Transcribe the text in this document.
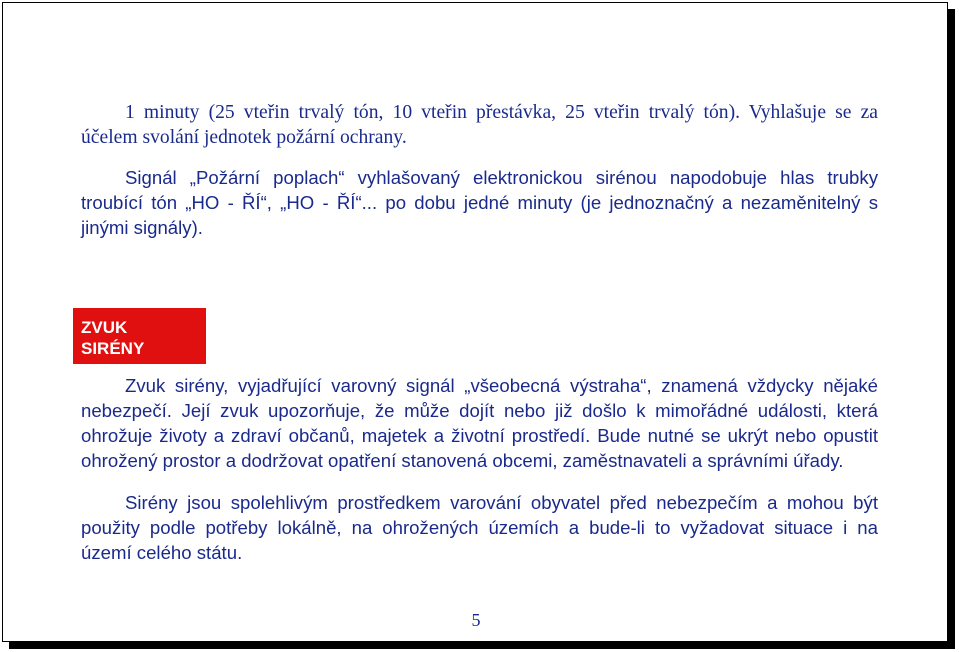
1 minuty (25 vteřin trvalý tón, 10 vteřin přestávka, 25 vteřin trvalý tón). Vyhlašuje se za
účelem svolání jednotek požární ochrany.

Signál „Požární poplach“ vyhlašovaný elektronickou sirénou napodobuje hlas trubky
troubící tón „HO - ŘÍ“, „HO - ŘÍ“... po dobu jedné minuty (je jednoznačný a nezaměnitelný s
jinými signály).

ZVUK
SIRÉNY

Zvuk sirény, vyjadřující varovný signál „všeobecná výstraha“, znamená vždycky nějaké
nebezpečí. Její zvuk upozorňuje, že může dojít nebo již došlo k mimořádné události, která
ohrožuje životy a zdraví občanů, majetek a životní prostředí. Bude nutné se ukrýt nebo opustit
ohrožený prostor a dodržovat opatření stanovená obcemi, zaměstnavateli a správními úřady.

Sirény jsou spolehlivým prostředkem varování obyvatel před nebezpečím a mohou být
použity podle potřeby lokálně, na ohrožených územích a bude-li to vyžadovat situace i na
území celého státu.

5
